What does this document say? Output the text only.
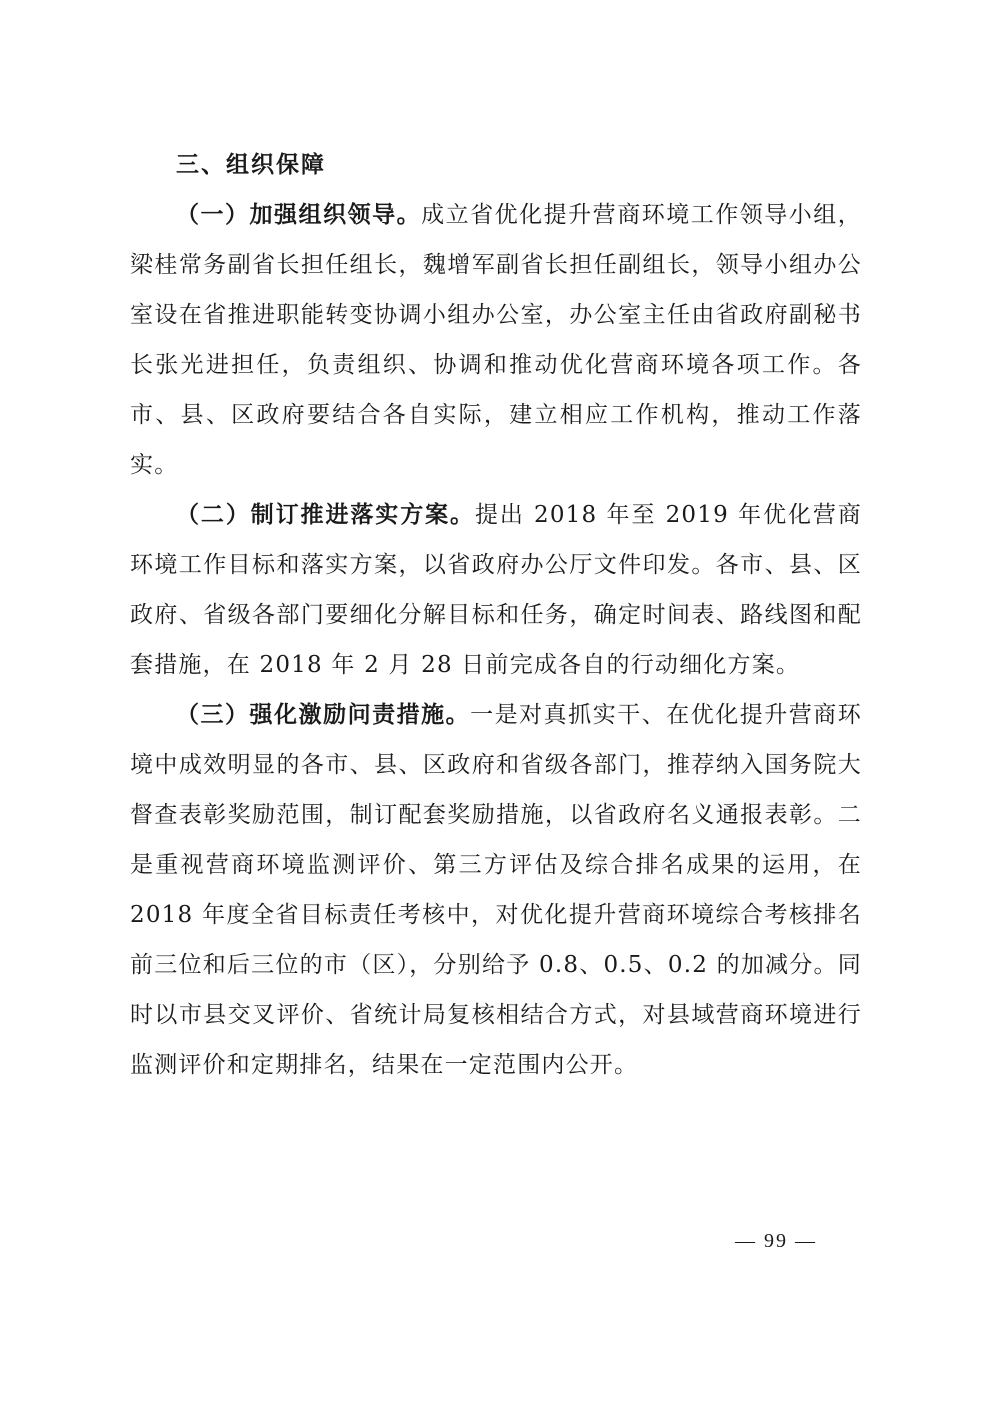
三、组织保障

（一）加强组织领导。成立省优化提升营商环境工作领导小组，梁桂常务副省长担任组长，魏增军副省长担任副组长，领导小组办公室设在省推进职能转变协调小组办公室，办公室主任由省政府副秘书长张光进担任，负责组织、协调和推动优化营商环境各项工作。各市、县、区政府要结合各自实际，建立相应工作机构，推动工作落实。

（二）制订推进落实方案。提出 2018 年至 2019 年优化营商环境工作目标和落实方案，以省政府办公厅文件印发。各市、县、区政府、省级各部门要细化分解目标和任务，确定时间表、路线图和配套措施，在 2018 年 2 月 28 日前完成各自的行动细化方案。

（三）强化激励问责措施。一是对真抓实干、在优化提升营商环境中成效明显的各市、县、区政府和省级各部门，推荐纳入国务院大督查表彰奖励范围，制订配套奖励措施，以省政府名义通报表彰。二是重视营商环境监测评价、第三方评估及综合排名成果的运用，在 2018 年度全省目标责任考核中，对优化提升营商环境综合考核排名前三位和后三位的市（区），分别给予 0.8、0.5、0.2 的加减分。同时以市县交叉评价、省统计局复核相结合方式，对县域营商环境进行监测评价和定期排名，结果在一定范围内公开。

— 99 —
